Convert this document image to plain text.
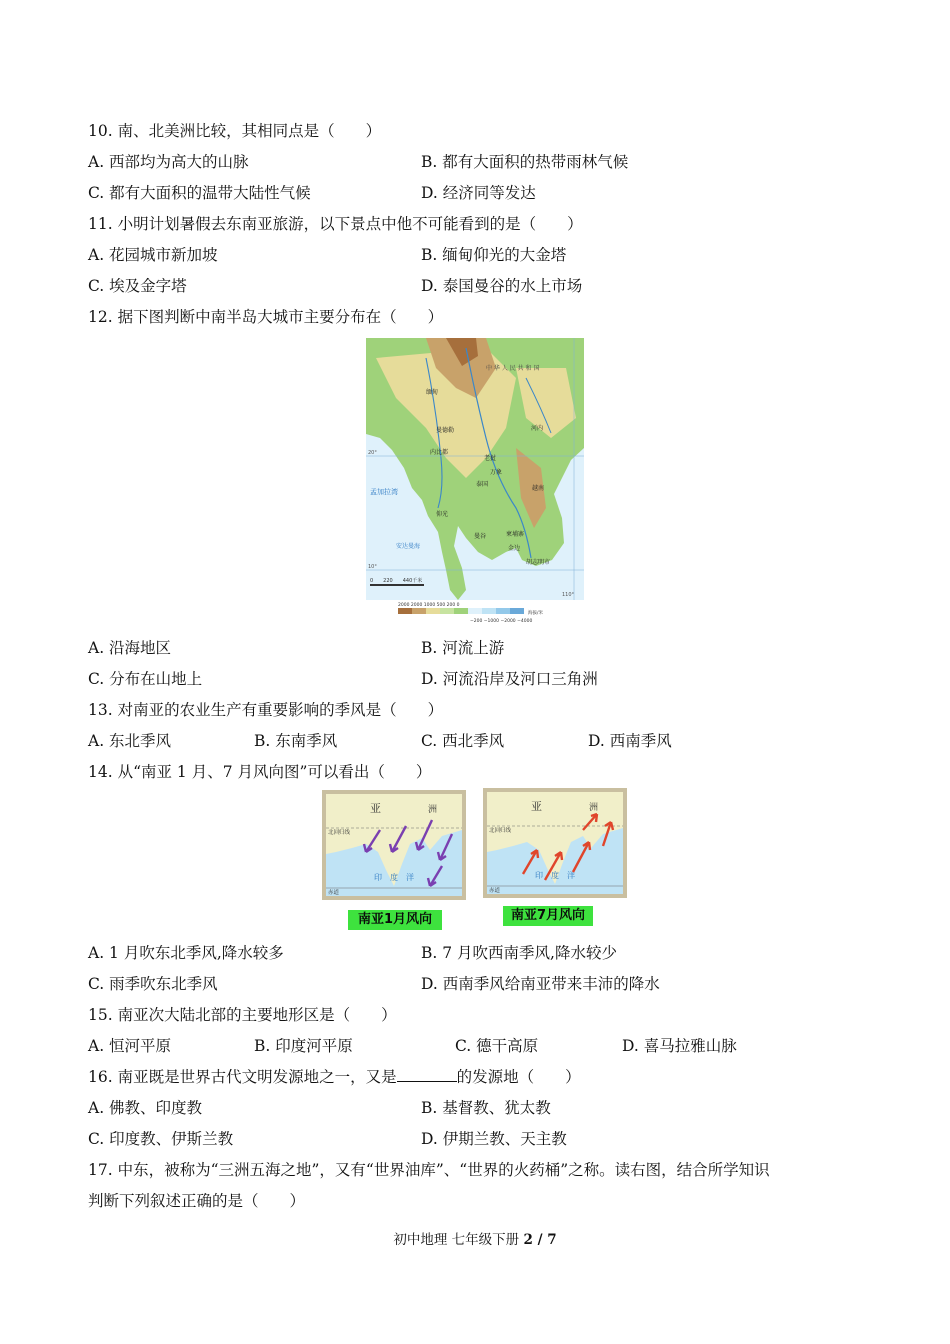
10. 南、北美洲比较，其相同点是（　　）
A. 西部均为高大的山脉	B. 都有大面积的热带雨林气候
C. 都有大面积的温带大陆性气候	D. 经济同等发达
11. 小明计划暑假去东南亚旅游，以下景点中他不可能看到的是（　　）
A. 花园城市新加坡	B. 缅甸仰光的大金塔
C. 埃及金字塔	D. 泰国曼谷的水上市场
12. 据下图判断中南半岛大城市主要分布在（　　）
中 华 人 民 共 和 国
缅甸
曼德勒
内比都
仰光
泰国
曼谷
老挝
万象
河内
越南
柬埔寨
金边
胡志明市
孟加拉湾
安达曼海
20°
10°
110°
0　　220　　440千米
2000 2000 1000 500 200 0
−200 −1000 −2000 −4000
海拔/米
A. 沿海地区	B. 河流上游
C. 分布在山地上	D. 河流沿岸及河口三角洲
13. 对南亚的农业生产有重要影响的季风是（　　）
A. 东北季风	B. 东南季风	C. 西北季风	D. 西南季风
14. 从“南亚 1 月、7 月风向图”可以看出（　　）
亚	洲
北回归线
赤道
印　度　洋
南亚1月风向
亚	洲
北回归线
赤道
印　度　洋
南亚7月风向
A. 1 月吹东北季风,降水较多	B. 7 月吹西南季风,降水较少
C. 雨季吹东北季风	D. 西南季风给南亚带来丰沛的降水
15. 南亚次大陆北部的主要地形区是（　　）
A. 恒河平原	B. 印度河平原	C. 德干高原	D. 喜马拉雅山脉
16. 南亚既是世界古代文明发源地之一，又是	的发源地（　　）
A. 佛教、印度教	B. 基督教、犹太教
C. 印度教、伊斯兰教	D. 伊期兰教、天主教
17. 中东，被称为“三洲五海之地”，又有“世界油库”、“世界的火药桶”之称。读右图，结合所学知识
判断下列叙述正确的是（　　）
初中地理 七年级下册 2 / 7
